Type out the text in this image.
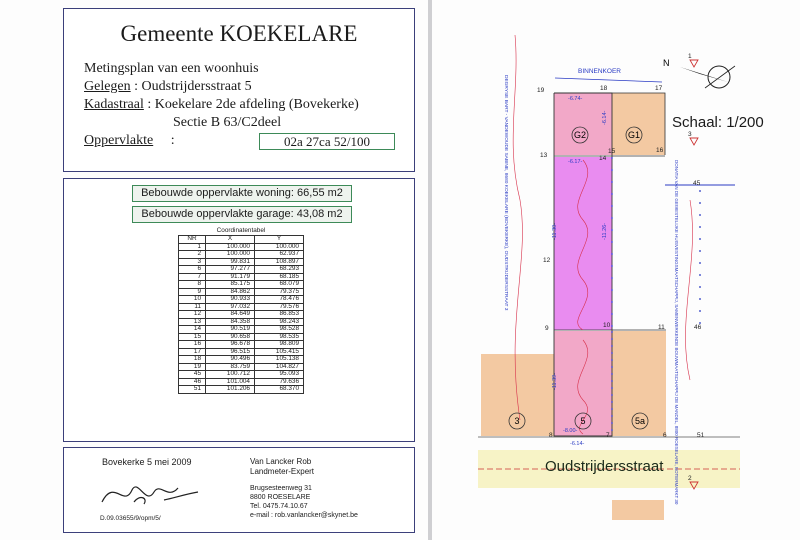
Gemeente KOEKELARE
Metingsplan van een woonhuis
Gelegen : Oudstrijdersstraat 5
Kadastraal : Koekelare 2de afdeling (Bovekerke)
Sectie B 63/C2deel
Oppervlakte :	02a 27ca 52/100
Bebouwde oppervlakte woning: 66,55 m2
Bebouwde oppervlakte garage: 43,08 m2
Coordinatentabel
NR	X	Y
1	100.000	100.000
2	100.000	62.937
3	99.831	108.897
6	97.277	68.293
7	91.179	68.185
8	85.175	68.079
9	84.862	79.375
10	90.933	78.476
11	97.032	79.576
12	84.649	86.853
13	84.358	98.243
14	90.519	98.528
15	90.658	98.535
16	96.678	98.809
17	96.515	105.415
18	90.496	105.138
19	83.759	104.827
45	100.712	95.093
46	101.004	79.636
51	101.206	68.370
Bovekerke 5 mei 2009	Van Lancker Rob
Landmeter-Expert
Brugsesteenweg 31
8800 ROESELARE
Tel. 0475.74.10.67
e-mail : rob.vanlancker@skynet.be
D.09.03655/9/opm/5/
N
G2	G1
3	5	5a
19	18	17
13	14
15	16
12
9	10	11
8	7	6
45
46
51
1
3
2
-6.74-
-6.17-
-8.00-
-6.14-
-11.39-
-11.30-	-11.26-
-6.14-
BINNENKOER
DEGRYSE BART - VANDEWOUDE SABINE, 8680 KOEKELARE (BOVEKERKE), OUDSTRIJDERSSTRAAT 3	DONATIA VAN DE GEWESTELIJKE HUISVESTINGSMAATSCHAPPIJ, SAMENWERKENDE BOUWMAATSCHAPPIJ DE MANDEL, 8800 ROESELARE, BOTERMARKT 30
Schaal: 1/200
Oudstrijdersstraat
